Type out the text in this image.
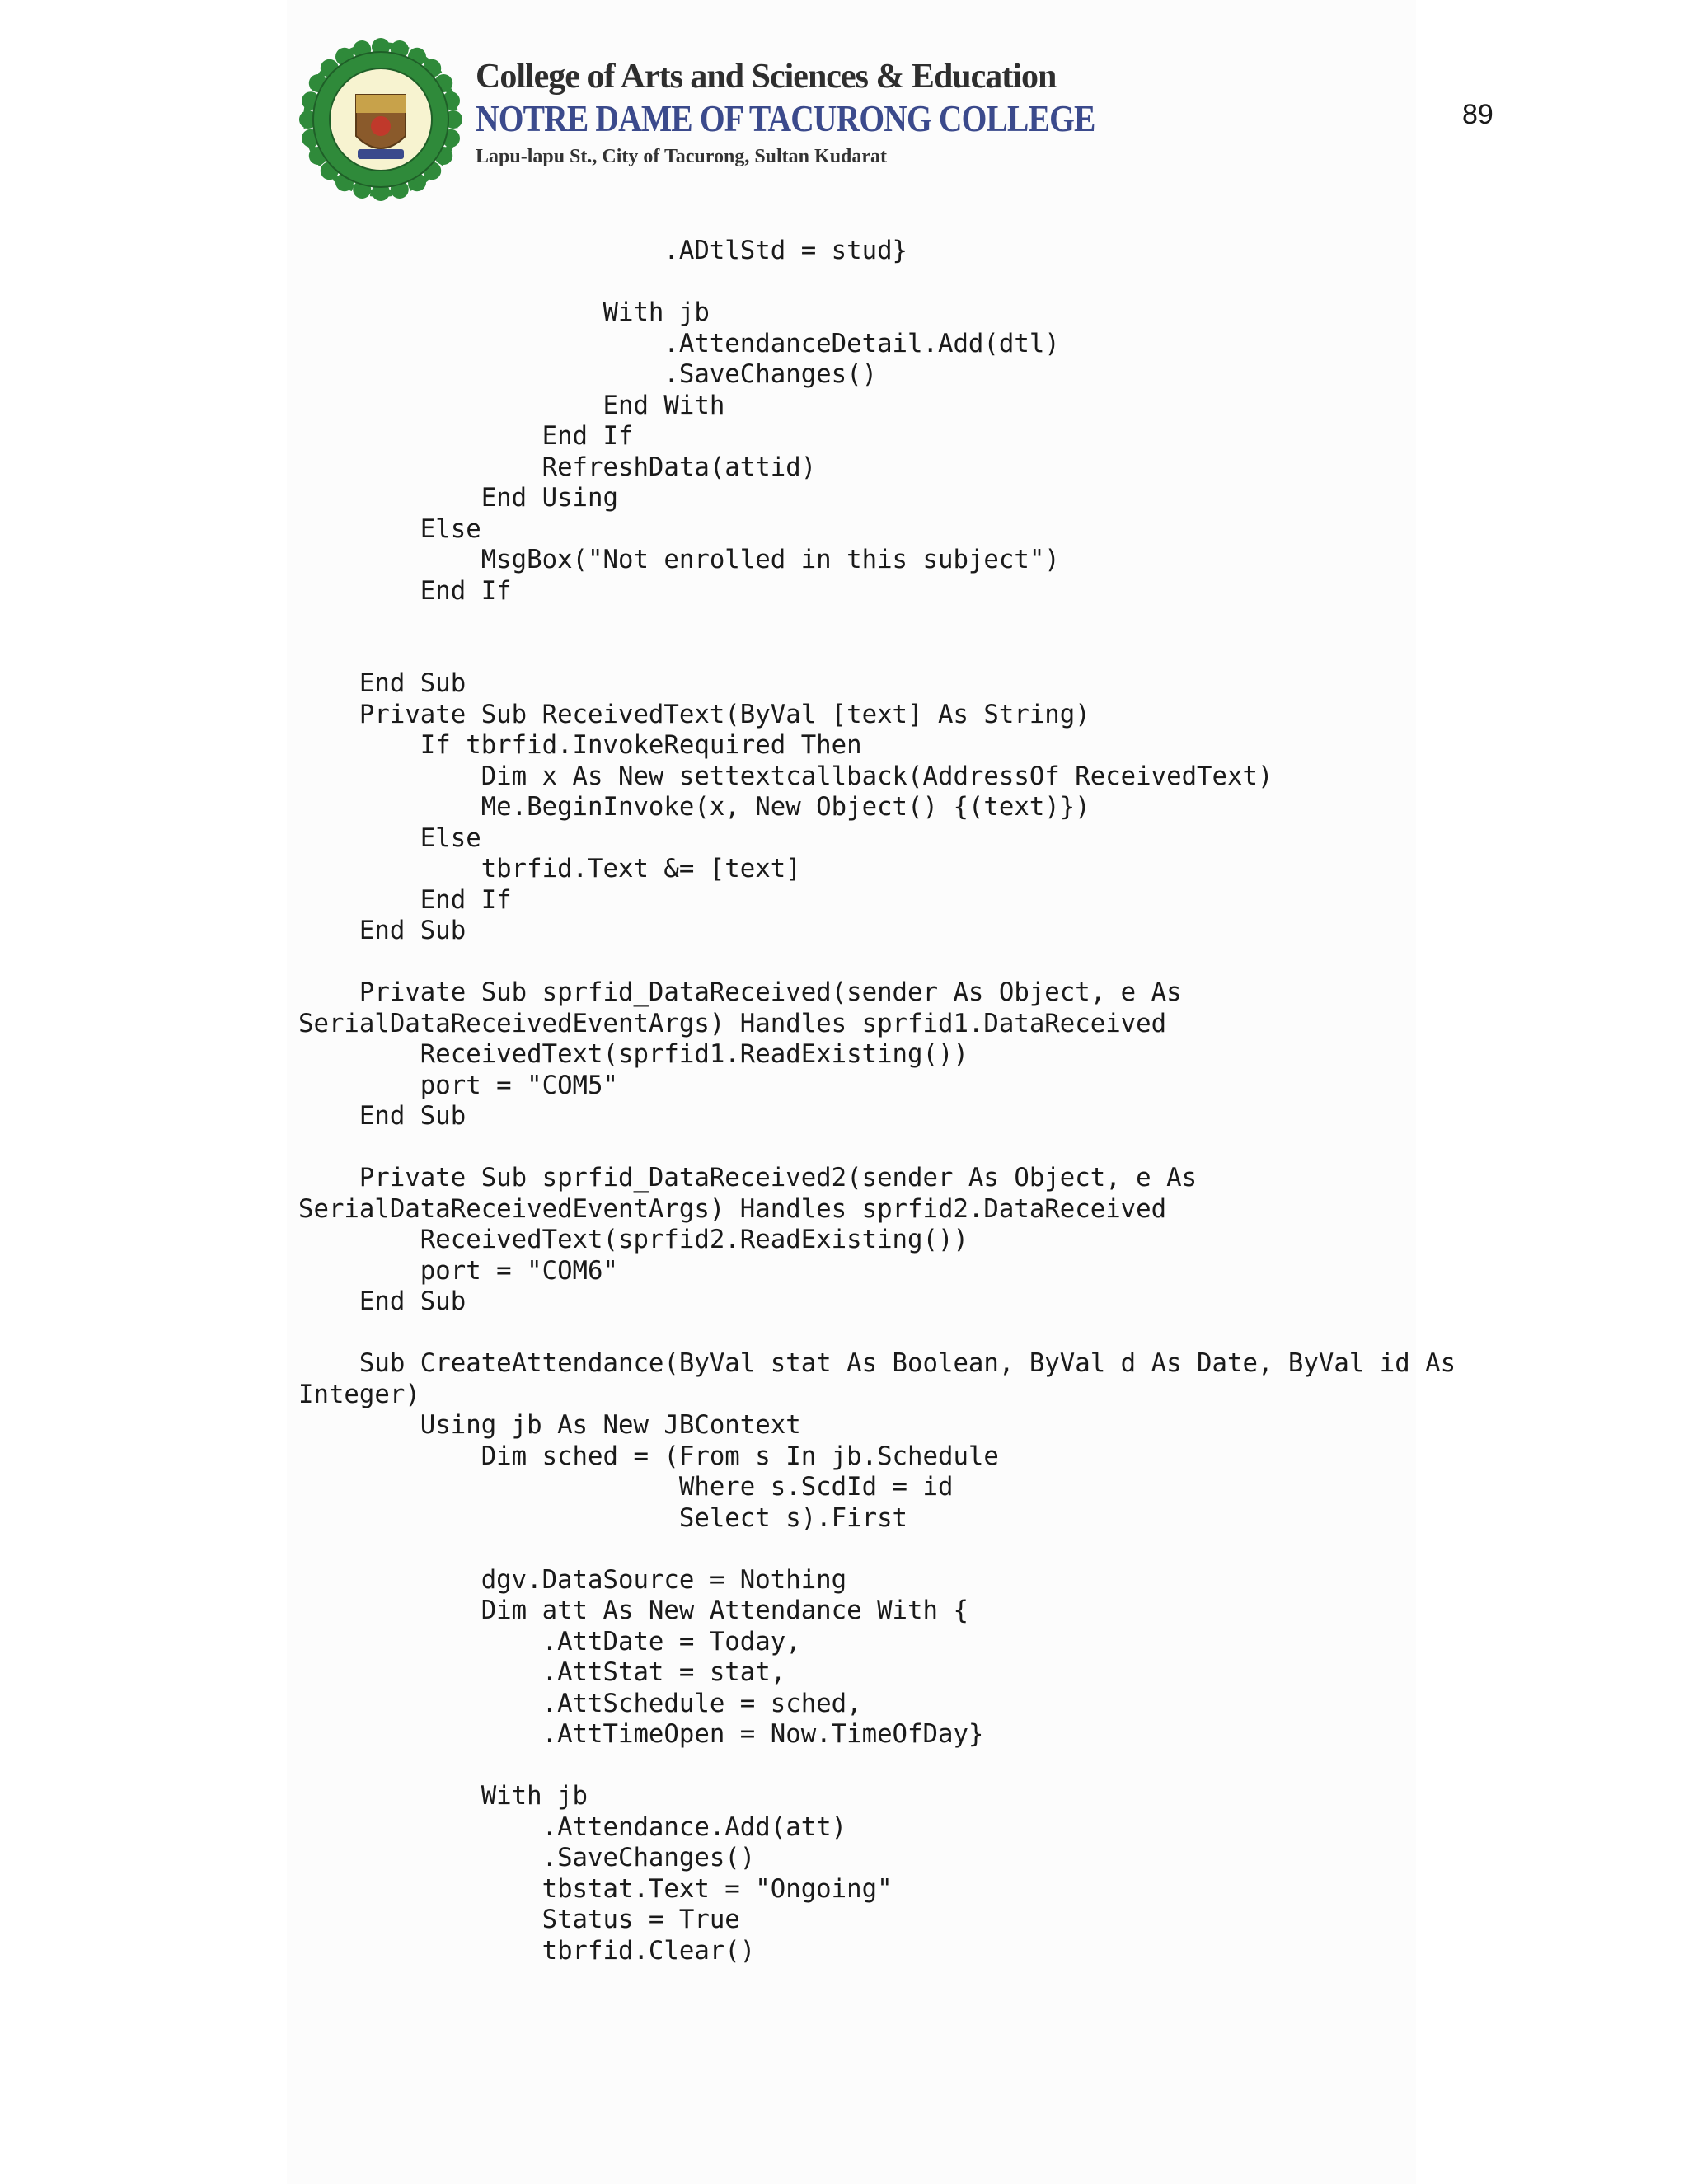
College of Arts and Sciences & Education
NOTRE DAME OF TACURONG COLLEGE
Lapu-lapu St., City of Tacurong, Sultan Kudarat
89
.ADtlStd = stud}
With jb
.AttendanceDetail.Add(dtl)
.SaveChanges()
End With
End If
RefreshData(attid)
End Using
Else
MsgBox("Not enrolled in this subject")
End If
End Sub
Private Sub ReceivedText(ByVal [text] As String)
If tbrfid.InvokeRequired Then
Dim x As New settextcallback(AddressOf ReceivedText)
Me.BeginInvoke(x, New Object() {(text)})
Else
tbrfid.Text &= [text]
End If
End Sub
Private Sub sprfid_DataReceived(sender As Object, e As
SerialDataReceivedEventArgs) Handles sprfid1.DataReceived
ReceivedText(sprfid1.ReadExisting())
port = "COM5"
End Sub
Private Sub sprfid_DataReceived2(sender As Object, e As
SerialDataReceivedEventArgs) Handles sprfid2.DataReceived
ReceivedText(sprfid2.ReadExisting())
port = "COM6"
End Sub
Sub CreateAttendance(ByVal stat As Boolean, ByVal d As Date, ByVal id As
Integer)
Using jb As New JBContext
Dim sched = (From s In jb.Schedule
Where s.ScdId = id
Select s).First
dgv.DataSource = Nothing
Dim att As New Attendance With {
.AttDate = Today,
.AttStat = stat,
.AttSchedule = sched,
.AttTimeOpen = Now.TimeOfDay}
With jb
.Attendance.Add(att)
.SaveChanges()
tbstat.Text = "Ongoing"
Status = True
tbrfid.Clear()
